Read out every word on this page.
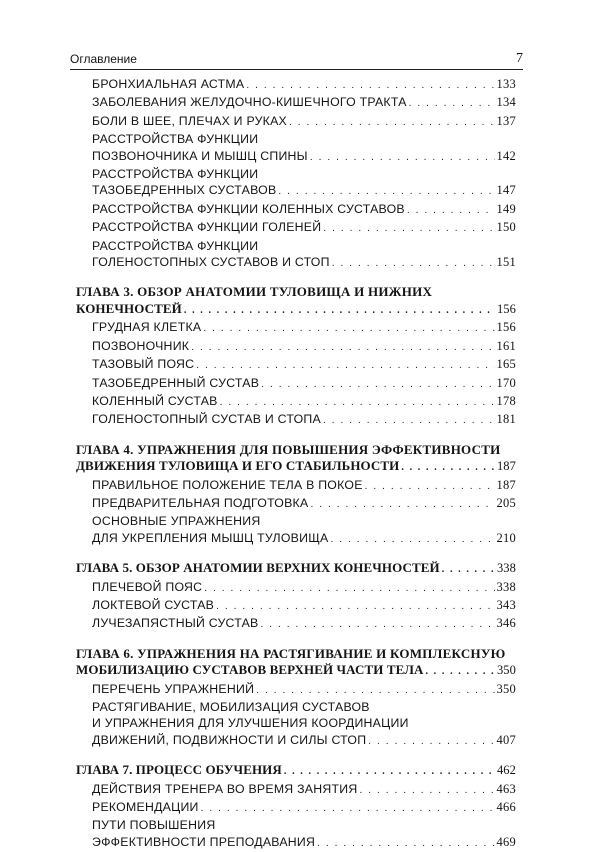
Оглавление	7
БРОНХИАЛЬНАЯ АСТМА . . .	133
ЗАБОЛЕВАНИЯ ЖЕЛУДОЧНО-КИШЕЧНОГО ТРАКТА . . .	134
БОЛИ В ШЕЕ, ПЛЕЧАХ И РУКАХ . . .	137
РАССТРОЙСТВА ФУНКЦИИ
ПОЗВОНОЧНИКА И МЫШЦ СПИНЫ . . .	142
РАССТРОЙСТВА ФУНКЦИИ
ТАЗОБЕДРЕННЫХ СУСТАВОВ . . .	147
РАССТРОЙСТВА ФУНКЦИИ КОЛЕННЫХ СУСТАВОВ . . .	149
РАССТРОЙСТВА ФУНКЦИИ ГОЛЕНЕЙ . . .	150
РАССТРОЙСТВА ФУНКЦИИ
ГОЛЕНОСТОПНЫХ СУСТАВОВ И СТОП . . .	151
ГЛАВА 3. ОБЗОР АНАТОМИИ ТУЛОВИЩА И НИЖНИХ
КОНЕЧНОСТЕЙ . . .	156
ГРУДНАЯ КЛЕТКА . . .	156
ПОЗВОНОЧНИК . . .	161
ТАЗОВЫЙ ПОЯС . . .	165
ТАЗОБЕДРЕННЫЙ СУСТАВ . . .	170
КОЛЕННЫЙ СУСТАВ . . .	178
ГОЛЕНОСТОПНЫЙ СУСТАВ И СТОПА . . .	181
ГЛАВА 4. УПРАЖНЕНИЯ ДЛЯ ПОВЫШЕНИЯ ЭФФЕКТИВНОСТИ
ДВИЖЕНИЯ ТУЛОВИЩА И ЕГО СТАБИЛЬНОСТИ . . .	187
ПРАВИЛЬНОЕ ПОЛОЖЕНИЕ ТЕЛА В ПОКОЕ . . .	187
ПРЕДВАРИТЕЛЬНАЯ ПОДГОТОВКА . . .	205
ОСНОВНЫЕ УПРАЖНЕНИЯ
ДЛЯ УКРЕПЛЕНИЯ МЫШЦ ТУЛОВИЩА . . .	210
ГЛАВА 5. ОБЗОР АНАТОМИИ ВЕРХНИХ КОНЕЧНОСТЕЙ . . .	338
ПЛЕЧЕВОЙ ПОЯС . . .	338
ЛОКТЕВОЙ СУСТАВ . . .	343
ЛУЧЕЗАПЯСТНЫЙ СУСТАВ . . .	346
ГЛАВА 6. УПРАЖНЕНИЯ НА РАСТЯГИВАНИЕ И КОМПЛЕКСНУЮ
МОБИЛИЗАЦИЮ СУСТАВОВ ВЕРХНЕЙ ЧАСТИ ТЕЛА . . .	350
ПЕРЕЧЕНЬ УПРАЖНЕНИЙ . . .	350
РАСТЯГИВАНИЕ, МОБИЛИЗАЦИЯ СУСТАВОВ
И УПРАЖНЕНИЯ ДЛЯ УЛУЧШЕНИЯ КООРДИНАЦИИ
ДВИЖЕНИЙ, ПОДВИЖНОСТИ И СИЛЫ СТОП . . .	407
ГЛАВА 7. ПРОЦЕСС ОБУЧЕНИЯ . . .	462
ДЕЙСТВИЯ ТРЕНЕРА ВО ВРЕМЯ ЗАНЯТИЯ . . .	463
РЕКОМЕНДАЦИИ . . .	466
ПУТИ ПОВЫШЕНИЯ
ЭФФЕКТИВНОСТИ ПРЕПОДАВАНИЯ . . .	469
